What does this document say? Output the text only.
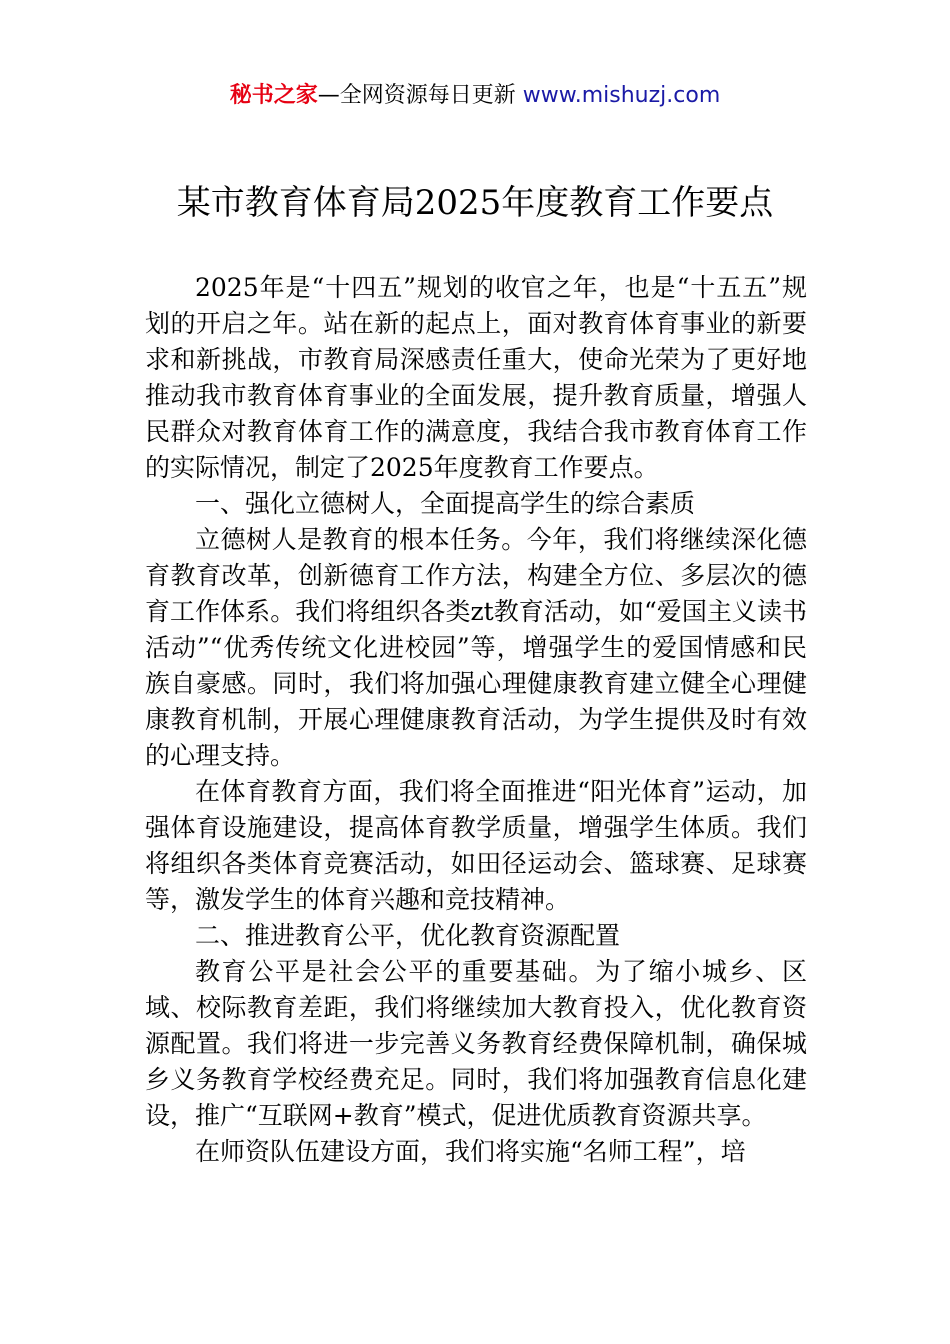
秘书之家—全网资源每日更新 www.mishuzj.com
某市教育体育局2025年度教育工作要点

2025年是“十四五”规划的收官之年，也是“十五五”规划的开启之年。站在新的起点上，面对教育体育事业的新要求和新挑战，市教育局深感责任重大，使命光荣为了更好地推动我市教育体育事业的全面发展，提升教育质量，增强人民群众对教育体育工作的满意度，我结合我市教育体育工作的实际情况，制定了2025年度教育工作要点。

一、强化立德树人，全面提高学生的综合素质

立德树人是教育的根本任务。今年，我们将继续深化德育教育改革，创新德育工作方法，构建全方位、多层次的德育工作体系。我们将组织各类zt教育活动，如“爱国主义读书活动”“优秀传统文化进校园”等，增强学生的爱国情感和民族自豪感。同时，我们将加强心理健康教育建立健全心理健康教育机制，开展心理健康教育活动，为学生提供及时有效的心理支持。

在体育教育方面，我们将全面推进“阳光体育”运动，加强体育设施建设，提高体育教学质量，增强学生体质。我们将组织各类体育竞赛活动，如田径运动会、篮球赛、足球赛等，激发学生的体育兴趣和竞技精神。

二、推进教育公平，优化教育资源配置

教育公平是社会公平的重要基础。为了缩小城乡、区域、校际教育差距，我们将继续加大教育投入，优化教育资源配置。我们将进一步完善义务教育经费保障机制，确保城乡义务教育学校经费充足。同时，我们将加强教育信息化建设，推广“互联网+教育”模式，促进优质教育资源共享。

在师资队伍建设方面，我们将实施“名师工程”，培
